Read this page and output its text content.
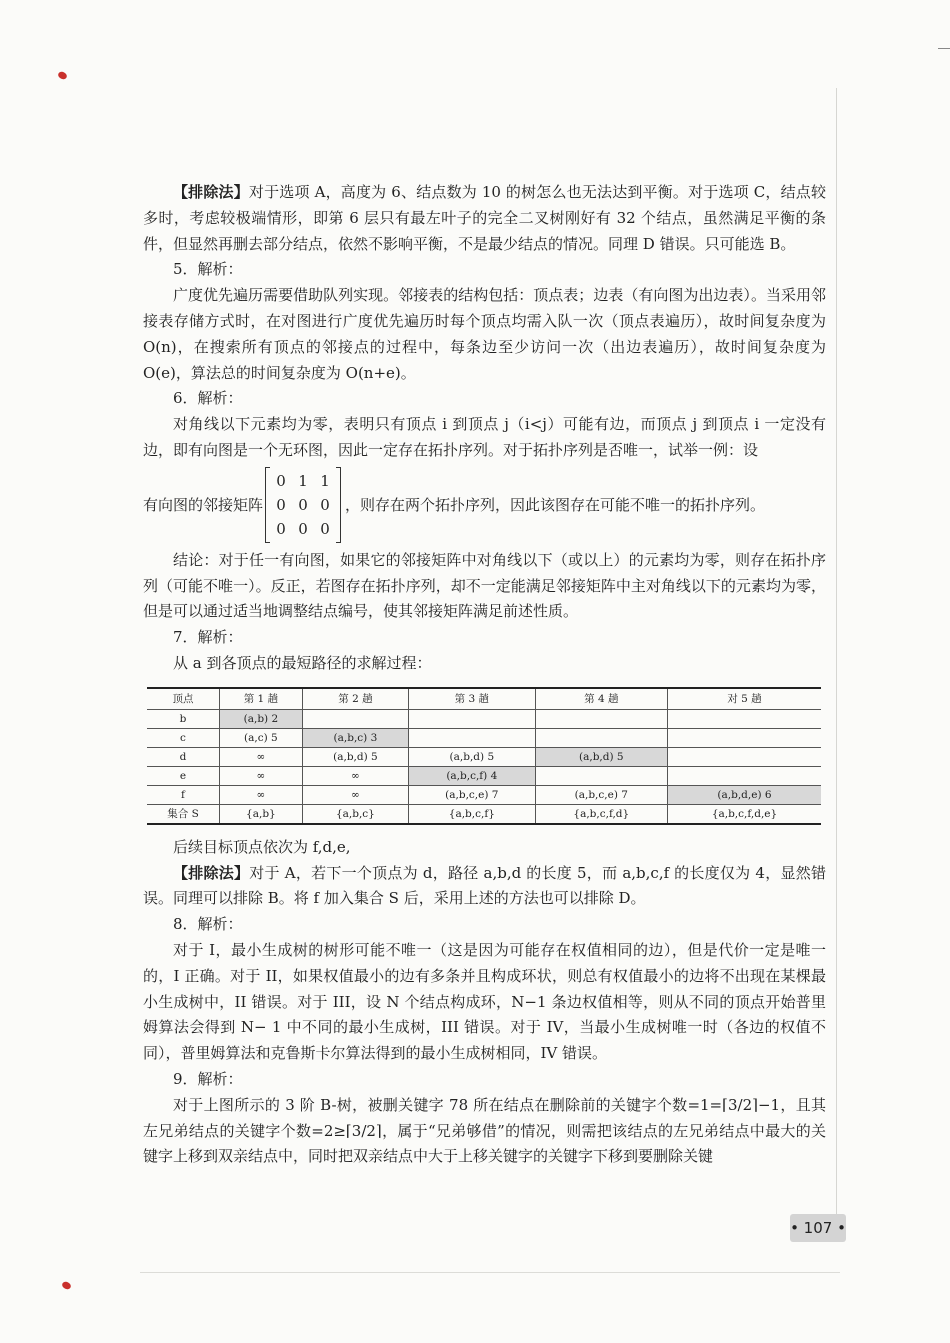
【排除法】对于选项 A，高度为 6、结点数为 10 的树怎么也无法达到平衡。对于选项 C，结点较多时，考虑较极端情形，即第 6 层只有最左叶子的完全二叉树刚好有 32 个结点，虽然满足平衡的条件，但显然再删去部分结点，依然不影响平衡，不是最少结点的情况。同理 D 错误。只可能选 B。

5．解析：

广度优先遍历需要借助队列实现。邻接表的结构包括：顶点表；边表（有向图为出边表）。当采用邻接表存储方式时，在对图进行广度优先遍历时每个顶点均需入队一次（顶点表遍历），故时间复杂度为 O(n)，在搜索所有顶点的邻接点的过程中，每条边至少访问一次（出边表遍历），故时间复杂度为 O(e)，算法总的时间复杂度为 O(n+e)。

6．解析：

对角线以下元素均为零，表明只有顶点 i 到顶点 j（i<j）可能有边，而顶点 j 到顶点 i 一定没有边，即有向图是一个无环图，因此一定存在拓扑序列。对于拓扑序列是否唯一，试举一例：设

有向图的邻接矩阵
0 1 1
0 0 0
0 0 0
，则存在两个拓扑序列，因此该图存在可能不唯一的拓扑序列。

结论：对于任一有向图，如果它的邻接矩阵中对角线以下（或以上）的元素均为零，则存在拓扑序列（可能不唯一）。反正，若图存在拓扑序列，却不一定能满足邻接矩阵中主对角线以下的元素均为零，但是可以通过适当地调整结点编号，使其邻接矩阵满足前述性质。

7．解析：

从 a 到各顶点的最短路径的求解过程：

顶点	第 1 趟	第 2 趟	第 3 趟	第 4 趟	对 5 趟
b	(a,b) 2				
c	(a,c) 5	(a,b,c) 3			
d	∞	(a,b,d) 5	(a,b,d) 5	(a,b,d) 5	
e	∞	∞	(a,b,c,f) 4		
f	∞	∞	(a,b,c,e) 7	(a,b,c,e) 7	(a,b,d,e) 6
集合 S	{a,b}	{a,b,c}	{a,b,c,f}	{a,b,c,f,d}	{a,b,c,f,d,e}

后续目标顶点依次为 f,d,e,

【排除法】对于 A，若下一个顶点为 d，路径 a,b,d 的长度 5，而 a,b,c,f 的长度仅为 4，显然错误。同理可以排除 B。将 f 加入集合 S 后，采用上述的方法也可以排除 D。

8．解析：

对于 I，最小生成树的树形可能不唯一（这是因为可能存在权值相同的边），但是代价一定是唯一的，I 正确。对于 II，如果权值最小的边有多条并且构成环状，则总有权值最小的边将不出现在某棵最小生成树中，II 错误。对于 III，设 N 个结点构成环，N−1 条边权值相等，则从不同的顶点开始普里姆算法会得到 N− 1 中不同的最小生成树，III 错误。对于 IV，当最小生成树唯一时（各边的权值不同），普里姆算法和克鲁斯卡尔算法得到的最小生成树相同，IV 错误。

9．解析：

对于上图所示的 3 阶 B-树，被删关键字 78 所在结点在删除前的关键字个数=1=⌈3/2⌉−1，且其左兄弟结点的关键字个数=2≥⌈3/2⌉，属于“兄弟够借”的情况，则需把该结点的左兄弟结点中最大的关键字上移到双亲结点中，同时把双亲结点中大于上移关键字的关键字下移到要删除关键

• 107 •
